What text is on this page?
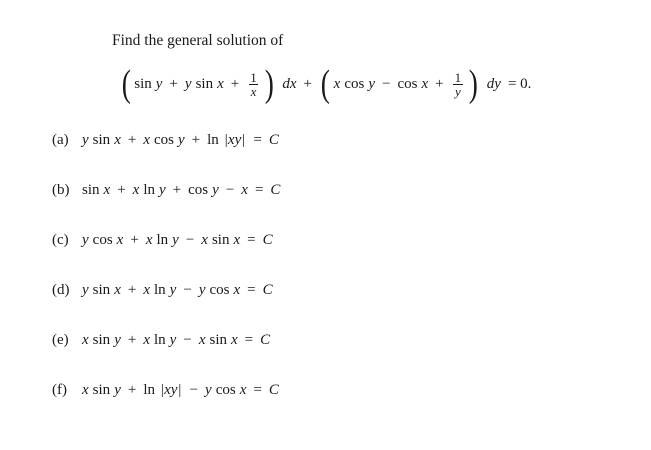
Find the general solution of
( sin y + y $\sin x + \frac{1}{x}$ ) dx + ( x $\cos y - \cos x + \frac{1}{y}$ ) dy = 0.
(a) y sin x + x cos y + ln |xy| = C
(b) sin x + x ln y + cos y − x = C
(c) y cos x + x ln y − x sin x = C
(d) y sin x + x ln y − y cos x = C
(e) x sin y + x ln y − x sin x = C
(f)	x sin y + ln |xy| − y cos x = C
